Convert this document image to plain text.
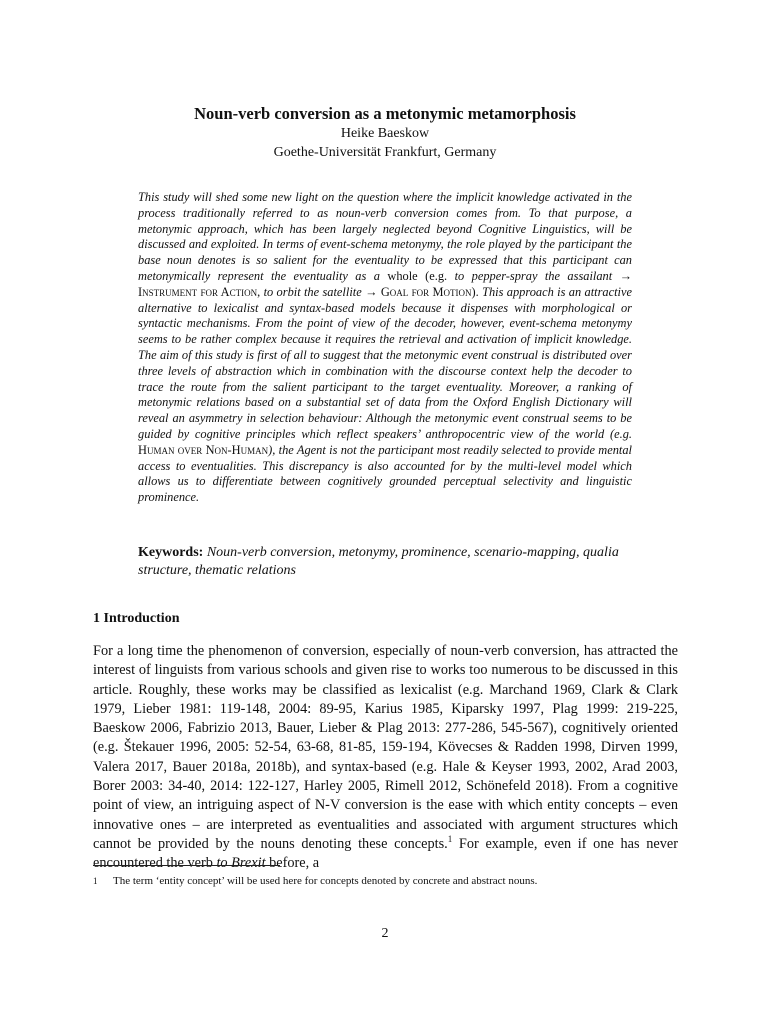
Noun-verb conversion as a metonymic metamorphosis

Heike Baeskow

Goethe-Universität Frankfurt, Germany

This study will shed some new light on the question where the implicit knowledge activated in the process traditionally referred to as noun-verb conversion comes from. To that purpose, a metonymic approach, which has been largely neglected beyond Cognitive Linguistics, will be discussed and exploited. In terms of event-schema metonymy, the role played by the participant the base noun denotes is so salient for the eventuality to be expressed that this participant can metonymically represent the eventuality as a whole (e.g. to pepper-spray the assailant → Instrument for Action, to orbit the satellite → Goal for Motion). This approach is an attractive alternative to lexicalist and syntax-based models because it dispenses with morphological or syntactic mechanisms. From the point of view of the decoder, however, event-schema metonymy seems to be rather complex because it requires the retrieval and activation of implicit knowledge. The aim of this study is first of all to suggest that the metonymic event construal is distributed over three levels of abstraction which in combination with the discourse context help the decoder to trace the route from the salient participant to the target eventuality. Moreover, a ranking of metonymic relations based on a substantial set of data from the Oxford English Dictionary will reveal an asymmetry in selection behaviour: Although the metonymic event construal seems to be guided by cognitive principles which reflect speakers’ anthropocentric view of the world (e.g. Human over Non-Human), the Agent is not the participant most readily selected to provide mental access to eventualities. This discrepancy is also accounted for by the multi-level model which allows us to differentiate between cognitively grounded perceptual selectivity and linguistic prominence.

Keywords: Noun-verb conversion, metonymy, prominence, scenario-mapping, qualia structure, thematic relations

1 Introduction

For a long time the phenomenon of conversion, especially of noun-verb conversion, has attracted the interest of linguists from various schools and given rise to works too numerous to be discussed in this article. Roughly, these works may be classified as lexicalist (e.g. Marchand 1969, Clark & Clark 1979, Lieber 1981: 119-148, 2004: 89-95, Karius 1985, Kiparsky 1997, Plag 1999: 219-225, Baeskow 2006, Fabrizio 2013, Bauer, Lieber & Plag 2013: 277-286, 545-567), cognitively oriented (e.g. Štekauer 1996, 2005: 52-54, 63-68, 81-85, 159-194, Kövecses & Radden 1998, Dirven 1999, Valera 2017, Bauer 2018a, 2018b), and syntax-based (e.g. Hale & Keyser 1993, 2002, Arad 2003, Borer 2003: 34-40, 2014: 122-127, Harley 2005, Rimell 2012, Schönefeld 2018). From a cognitive point of view, an intriguing aspect of N-V conversion is the ease with which entity concepts – even innovative ones – are interpreted as eventualities and associated with argument structures which cannot be provided by the nouns denoting these concepts.$^1$ For example, even if one has never encountered the verb to Brexit before, a

1 The term ‘entity concept’ will be used here for concepts denoted by concrete and abstract nouns.

2
